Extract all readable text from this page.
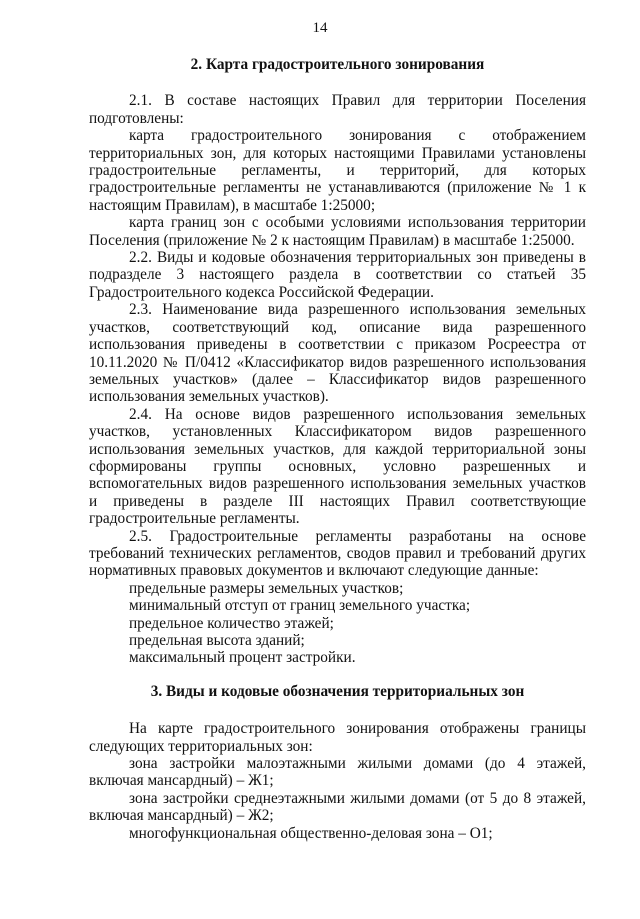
14
2. Карта градостроительного зонирования

2.1. В составе настоящих Правил для территории Поселения подготовлены:

карта градостроительного зонирования с отображением территориальных зон, для которых настоящими Правилами установлены градостроительные регламенты, и территорий, для которых градостроительные регламенты не устанавливаются (приложение № 1 к настоящим Правилам), в масштабе 1:25000;

карта границ зон с особыми условиями использования территории Поселения (приложение № 2 к настоящим Правилам) в масштабе 1:25000.

2.2. Виды и кодовые обозначения территориальных зон приведены в подразделе 3 настоящего раздела в соответствии со статьей 35 Градостроительного кодекса Российской Федерации.

2.3. Наименование вида разрешенного использования земельных участков, соответствующий код, описание вида разрешенного использования приведены в соответствии с приказом Росреестра от 10.11.2020 № П/0412 «Классификатор видов разрешенного использования земельных участков» (далее – Классификатор видов разрешенного использования земельных участков).

2.4. На основе видов разрешенного использования земельных участков, установленных Классификатором видов разрешенного использования земельных участков, для каждой территориальной зоны сформированы группы основных, условно разрешенных и вспомогательных видов разрешенного использования земельных участков и приведены в разделе III настоящих Правил соответствующие градостроительные регламенты.

2.5. Градостроительные регламенты разработаны на основе требований технических регламентов, сводов правил и требований других нормативных правовых документов и включают следующие данные:

предельные размеры земельных участков;

минимальный отступ от границ земельного участка;

предельное количество этажей;

предельная высота зданий;

максимальный процент застройки.

3. Виды и кодовые обозначения территориальных зон

На карте градостроительного зонирования отображены границы следующих территориальных зон:

зона застройки малоэтажными жилыми домами (до 4 этажей, включая мансардный) – Ж1;

зона застройки среднеэтажными жилыми домами (от 5 до 8 этажей, включая мансардный) – Ж2;

многофункциональная общественно-деловая зона – О1;
